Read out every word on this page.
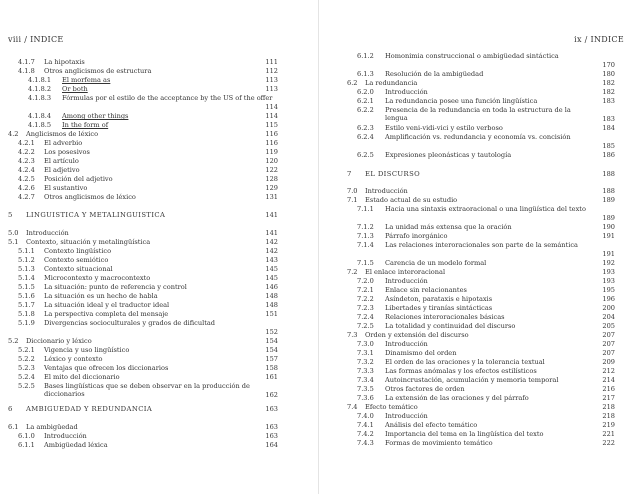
viii / INDICE
4.1.7 La hipotaxis	111
4.1.8 Otros anglicismos de estructura	112
4.1.8.1 El morfema as	113
4.1.8.2 Or both	113
4.1.8.3 Fórmulas por el estilo de the acceptance by the US of the offer
114
4.1.8.4 Among other things	114
4.1.8.5 In the form of	115
4.2 Anglicismos de léxico	116
4.2.1 El adverbio	116
4.2.2 Los posesivos	119
4.2.3 El artículo	120
4.2.4 El adjetivo	122
4.2.5 Posición del adjetivo	128
4.2.6 El sustantivo	129
4.2.7 Otros anglicismos de léxico	131
5 LINGUISTICA Y METALINGUISTICA	141
5.0 Introducción	141
5.1 Contexto, situación y metalingüística	142
5.1.1 Contexto lingüístico	142
5.1.2 Contexto semiótico	143
5.1.3 Contexto situacional	145
5.1.4 Microcontexto y macrocontexto	145
5.1.5 La situación: punto de referencia y control	146
5.1.6 La situación es un hecho de habla	148
5.1.7 La situación ideal y el traductor ideal	148
5.1.8 La perspectiva completa del mensaje	151
5.1.9 Divergencias socioculturales y grados de dificultad
152
5.2 Diccionario y léxico	154
5.2.1 Vigencia y uso lingüístico	154
5.2.2 Léxico y contexto	157
5.2.3 Ventajas que ofrecen los diccionarios	158
5.2.4 El mito del diccionario	161
5.2.5 Bases lingüísticas que se deben observar en la producción de diccionarios	162
6 AMBIGUEDAD Y REDUNDANCIA	163
6.1 La ambigüedad	163
6.1.0 Introducción	163
6.1.1 Ambigüedad léxica	164
ix / INDICE
6.1.2 Homonimia construccional o ambigüedad sintáctica
170
6.1.3 Resolución de la ambigüedad	180
6.2 La redundancia	182
6.2.0 Introducción	182
6.2.1 La redundancia posee una función lingüística	183
6.2.2 Presencia de la redundancia en toda la estructura de la lengua	183
6.2.3 Estilo veni-vidi-vici y estilo verboso	184
6.2.4 Amplificación vs. redundancia y economía vs. concisión
185
6.2.5 Expresiones pleonásticas y tautología	186
7 EL DISCURSO	188
7.0 Introducción	188
7.1 Estado actual de su estudio	189
7.1.1 Hacia una sintaxis extraoracional o una lingüística del texto
189
7.1.2 La unidad más extensa que la oración	190
7.1.3 Párrafo inorgánico	191
7.1.4 Las relaciones interoracionales son parte de la semántica
191
7.1.5 Carencia de un modelo formal	192
7.2 El enlace interoracional	193
7.2.0 Introducción	193
7.2.1 Enlace sin relacionantes	195
7.2.2 Asíndeton, parataxis e hipotaxis	196
7.2.3 Libertades y tiranías sintácticas	200
7.2.4 Relaciones interoracionales básicas	204
7.2.5 La totalidad y continuidad del discurso	205
7.3 Orden y extensión del discurso	207
7.3.0 Introducción	207
7.3.1 Dinamismo del orden	207
7.3.2 El orden de las oraciones y la tolerancia textual	209
7.3.3 Las formas anómalas y los efectos estilísticos	212
7.3.4 Autoincrustación, acumulación y memoria temporal	214
7.3.5 Otros factores de orden	216
7.3.6 La extensión de las oraciones y del párrafo	217
7.4 Efecto temático	218
7.4.0 Introducción	218
7.4.1 Análisis del efecto temático	219
7.4.2 Importancia del tema en la lingüística del texto	221
7.4.3 Formas de movimiento temático	222
